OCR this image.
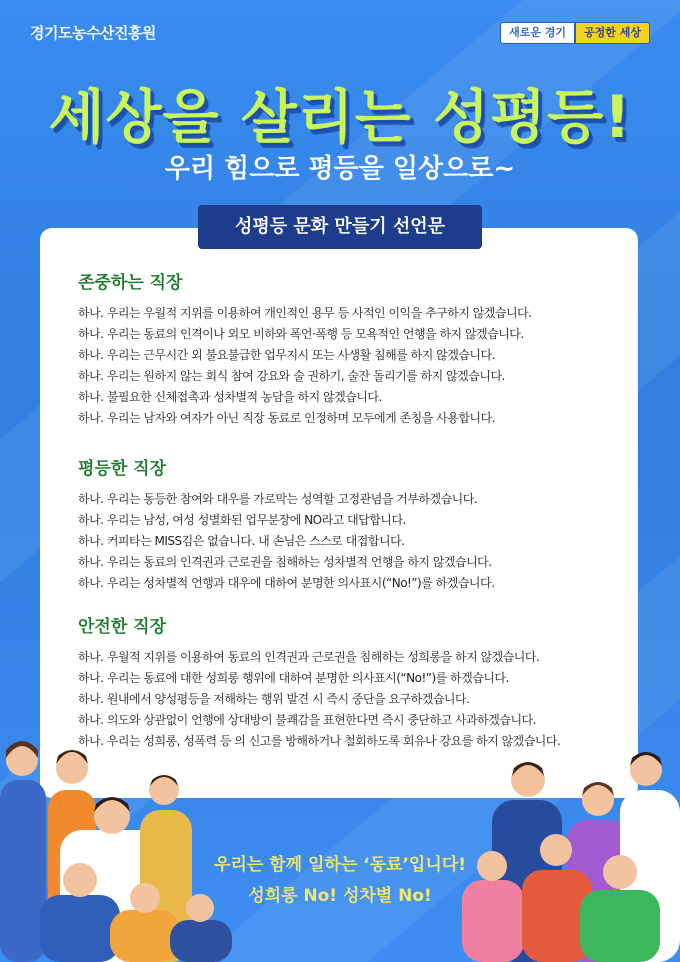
경기도농수산진흥원	새로운 경기	공정한 세상
세상을 살리는 성평등!
우리 힘으로 평등을 일상으로~
성평등 문화 만들기 선언문
존중하는 직장
하나. 우리는 우월적 지위를 이용하여 개인적인 용무 등 사적인 이익을 추구하지 않겠습니다.
하나. 우리는 동료의 인격이나 외모 비하와 폭언·폭행 등 모욕적인 언행을 하지 않겠습니다.
하나. 우리는 근무시간 외 불요불급한 업무지시 또는 사생활 침해를 하지 않겠습니다.
하나. 우리는 원하지 않는 회식 참여 강요와 술 권하기, 술잔 돌리기를 하지 않겠습니다.
하나. 불필요한 신체접촉과 성차별적 농담을 하지 않겠습니다.
하나. 우리는 남자와 여자가 아닌 직장 동료로 인정하며 모두에게 존칭을 사용합니다.
평등한 직장
하나. 우리는 동등한 참여와 대우를 가로막는 성역할 고정관념을 거부하겠습니다.
하나. 우리는 남성, 여성 성별화된 업무분장에 NO라고 대답합니다.
하나. 커피타는 MISS김은 없습니다. 내 손님은 스스로 대접합니다.
하나. 우리는 동료의 인격권과 근로권을 침해하는 성차별적 언행을 하지 않겠습니다.
하나. 우리는 성차별적 언행과 대우에 대하여 분명한 의사표시(“No!”)를 하겠습니다.
안전한 직장
하나. 우월적 지위를 이용하여 동료의 인격권과 근로권을 침해하는 성희롱을 하지 않겠습니다.
하나. 우리는 동료에 대한 성희롱 행위에 대하여 분명한 의사표시(“No!”)를 하겠습니다.
하나. 원내에서 양성평등을 저해하는 행위 발견 시 즉시 중단을 요구하겠습니다.
하나. 의도와 상관없이 언행에 상대방이 불쾌감을 표현한다면 즉시 중단하고 사과하겠습니다.
하나. 우리는 성희롱, 성폭력 등 의 신고를 방해하거나 철회하도록 회유나 강요를 하지 않겠습니다.
우리는 함께 일하는 ‘동료’입니다!
성희롱 No! 성차별 No!
